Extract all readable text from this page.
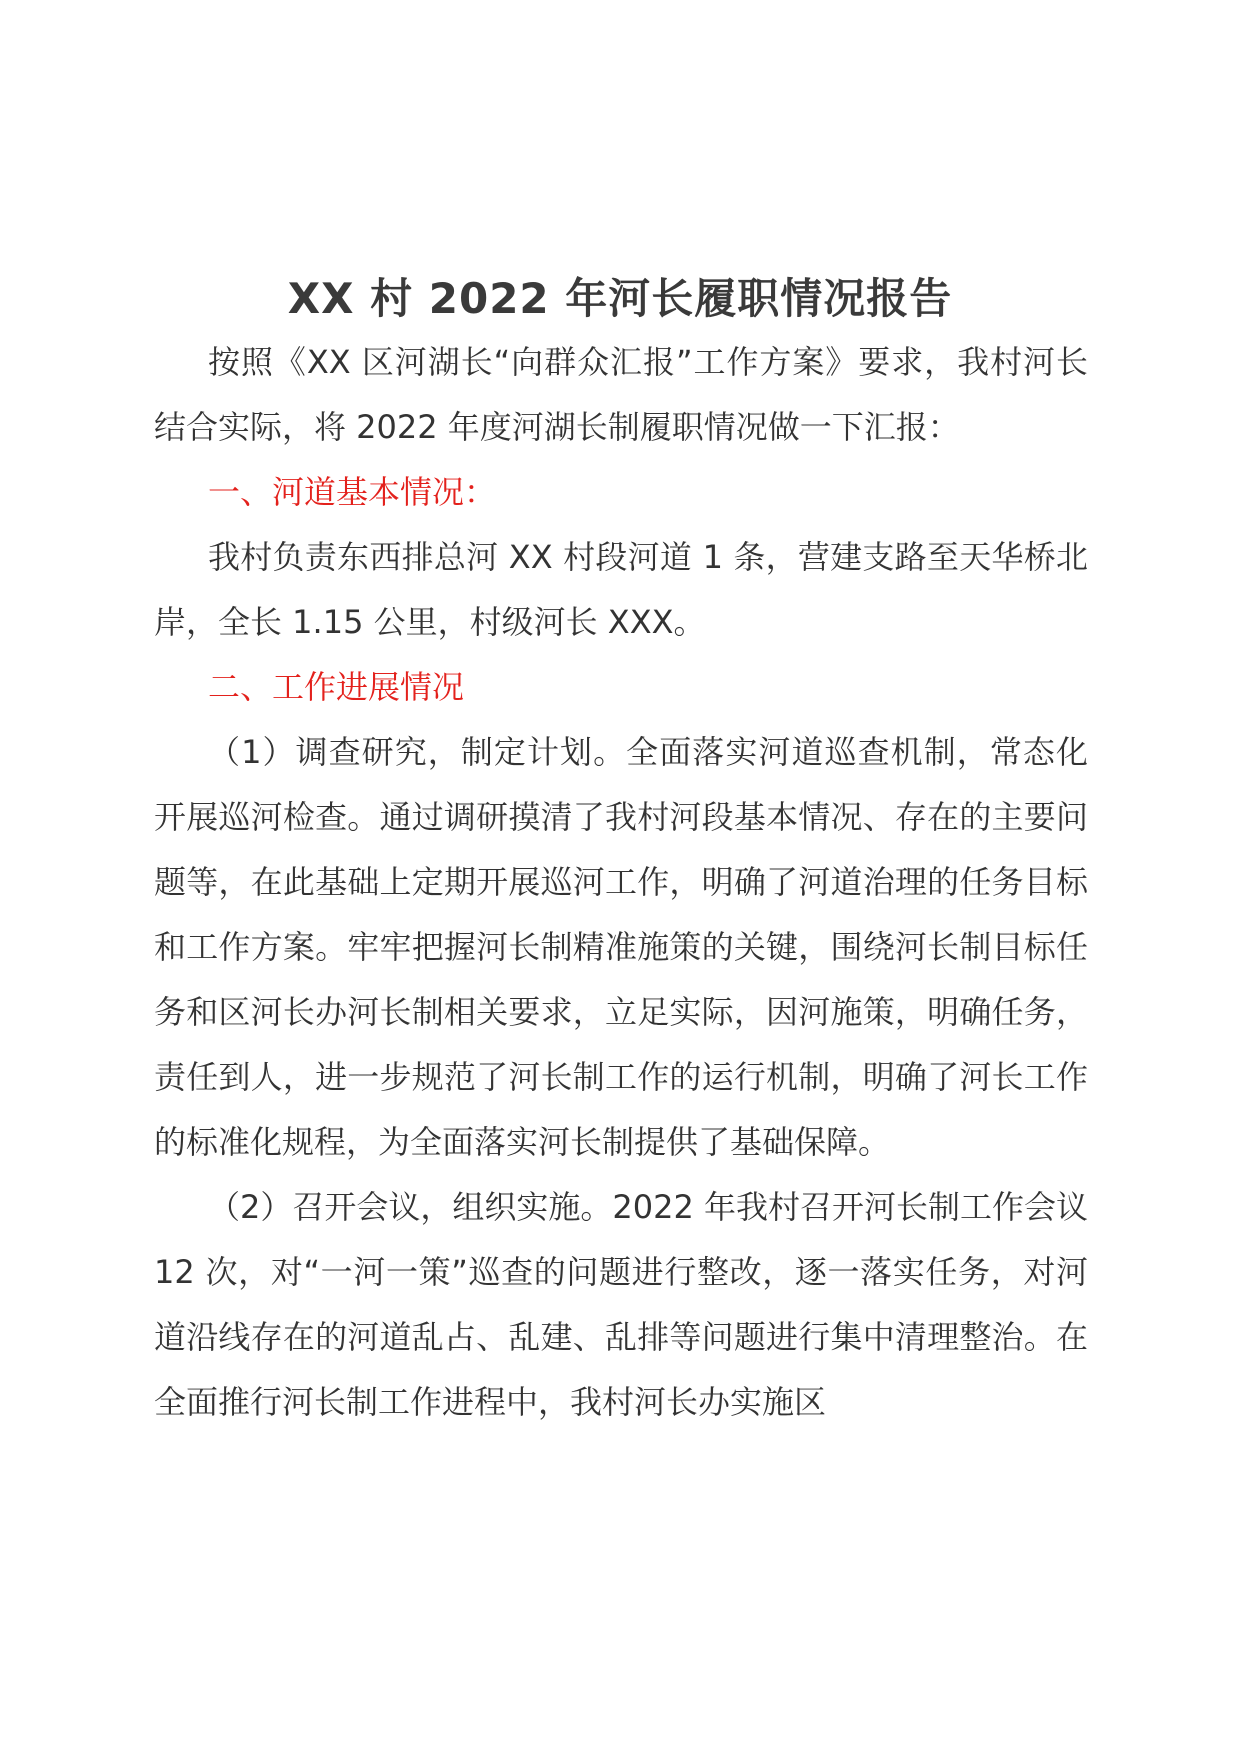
XX 村 2022 年河长履职情况报告

按照《XX 区河湖长“向群众汇报”工作方案》要求，我村河长结合实际，将 2022 年度河湖长制履职情况做一下汇报：

一、河道基本情况：

我村负责东西排总河 XX 村段河道 1 条，营建支路至天华桥北岸，全长 1.15 公里，村级河长 XXX。

二、工作进展情况

（1）调查研究，制定计划。全面落实河道巡查机制，常态化开展巡河检查。通过调研摸清了我村河段基本情况、存在的主要问题等，在此基础上定期开展巡河工作，明确了河道治理的任务目标和工作方案。牢牢把握河长制精准施策的关键，围绕河长制目标任务和区河长办河长制相关要求，立足实际，因河施策，明确任务，责任到人，进一步规范了河长制工作的运行机制，明确了河长工作的标准化规程，为全面落实河长制提供了基础保障。

（2）召开会议，组织实施。2022 年我村召开河长制工作会议 12 次，对“一河一策”巡查的问题进行整改，逐一落实任务，对河道沿线存在的河道乱占、乱建、乱排等问题进行集中清理整治。在全面推行河长制工作进程中，我村河长办实施区
